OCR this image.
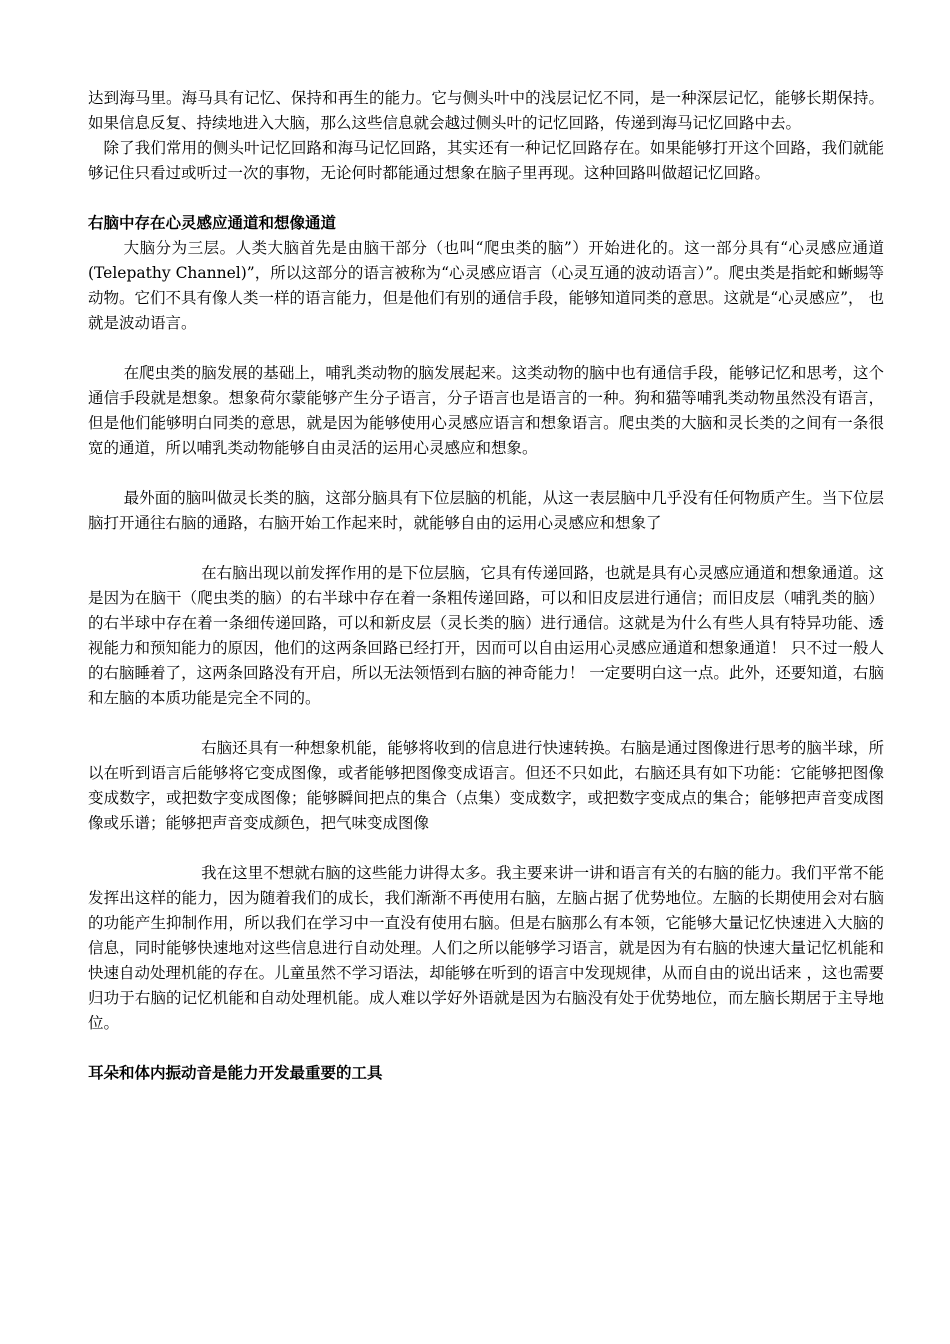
达到海马里。海马具有记忆、保持和再生的能力。它与侧头叶中的浅层记忆不同，是一种深层记忆，能够长期保持。如果信息反复、持续地进入大脑，那么这些信息就会越过侧头叶的记忆回路，传递到海马记忆回路中去。

除了我们常用的侧头叶记忆回路和海马记忆回路，其实还有一种记忆回路存在。如果能够打开这个回路，我们就能够记住只看过或听过一次的事物，无论何时都能通过想象在脑子里再现。这种回路叫做超记忆回路。

右脑中存在心灵感应通道和想像通道

大脑分为三层。人类大脑首先是由脑干部分（也叫“爬虫类的脑”）开始进化的。这一部分具有“心灵感应通道(Telepathy Channel)”，所以这部分的语言被称为“心灵感应语言（心灵互通的波动语言）”。爬虫类是指蛇和蜥蜴等动物。它们不具有像人类一样的语言能力，但是他们有别的通信手段，能够知道同类的意思。这就是“心灵感应”， 也就是波动语言。

在爬虫类的脑发展的基础上，哺乳类动物的脑发展起来。这类动物的脑中也有通信手段，能够记忆和思考，这个通信手段就是想象。想象荷尔蒙能够产生分子语言，分子语言也是语言的一种。狗和猫等哺乳类动物虽然没有语言，但是他们能够明白同类的意思，就是因为能够使用心灵感应语言和想象语言。爬虫类的大脑和灵长类的之间有一条很宽的通道，所以哺乳类动物能够自由灵活的运用心灵感应和想象。

最外面的脑叫做灵长类的脑，这部分脑具有下位层脑的机能，从这一表层脑中几乎没有任何物质产生。当下位层脑打开通往右脑的通路，右脑开始工作起来时，就能够自由的运用心灵感应和想象了

在右脑出现以前发挥作用的是下位层脑，它具有传递回路，也就是具有心灵感应通道和想象通道。这是因为在脑干（爬虫类的脑）的右半球中存在着一条粗传递回路，可以和旧皮层进行通信；而旧皮层（哺乳类的脑）的右半球中存在着一条细传递回路，可以和新皮层（灵长类的脑）进行通信。这就是为什么有些人具有特异功能、透视能力和预知能力的原因，他们的这两条回路已经打开，因而可以自由运用心灵感应通道和想象通道！ 只不过一般人的右脑睡着了，这两条回路没有开启，所以无法领悟到右脑的神奇能力！ 一定要明白这一点。此外，还要知道，右脑和左脑的本质功能是完全不同的。

右脑还具有一种想象机能，能够将收到的信息进行快速转换。右脑是通过图像进行思考的脑半球，所以在听到语言后能够将它变成图像，或者能够把图像变成语言。但还不只如此，右脑还具有如下功能：它能够把图像变成数字，或把数字变成图像；能够瞬间把点的集合（点集）变成数字，或把数字变成点的集合；能够把声音变成图像或乐谱；能够把声音变成颜色，把气味变成图像

我在这里不想就右脑的这些能力讲得太多。我主要来讲一讲和语言有关的右脑的能力。我们平常不能发挥出这样的能力，因为随着我们的成长，我们渐渐不再使用右脑，左脑占据了优势地位。左脑的长期使用会对右脑的功能产生抑制作用，所以我们在学习中一直没有使用右脑。但是右脑那么有本领，它能够大量记忆快速进入大脑的信息，同时能够快速地对这些信息进行自动处理。人们之所以能够学习语言，就是因为有右脑的快速大量记忆机能和快速自动处理机能的存在。儿童虽然不学习语法，却能够在听到的语言中发现规律，从而自由的说出话来 ，这也需要归功于右脑的记忆机能和自动处理机能。成人难以学好外语就是因为右脑没有处于优势地位，而左脑长期居于主导地位。

耳朵和体内振动音是能力开发最重要的工具
